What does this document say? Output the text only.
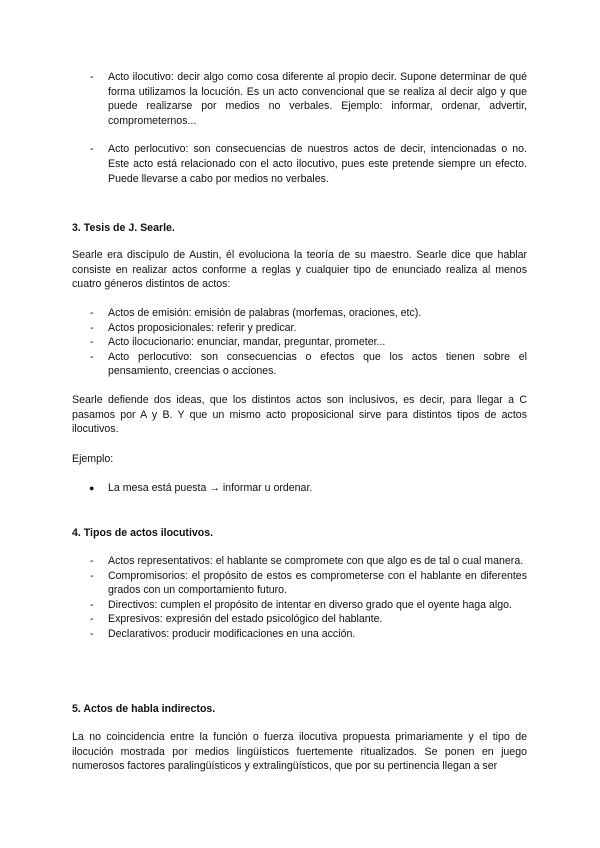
- Acto ilocutivo: decir algo como cosa diferente al propio decir. Supone determinar de qué forma utilizamos la locución. Es un acto convencional que se realiza al decir algo y que puede realizarse por medios no verbales. Ejemplo: informar, ordenar, advertir, comprometernos...
- Acto perlocutivo: son consecuencias de nuestros actos de decir, intencionadas o no. Este acto está relacionado con el acto ilocutivo, pues este pretende siempre un efecto. Puede llevarse a cabo por medios no verbales.
3. Tesis de J. Searle.

Searle era discípulo de Austin, él evoluciona la teoría de su maestro. Searle dice que hablar consiste en realizar actos conforme a reglas y cualquier tipo de enunciado realiza al menos cuatro géneros distintos de actos:

- Actos de emisión: emisión de palabras (morfemas, oraciones, etc).
- Actos proposicionales: referir y predicar.
- Acto ilocucionario: enunciar, mandar, preguntar, prometer...
- Acto perlocutivo: son consecuencias o efectos que los actos tienen sobre el pensamiento, creencias o acciones.

Searle defiende dos ideas, que los distintos actos son inclusivos, es decir, para llegar a C pasamos por A y B. Y que un mismo acto proposicional sirve para distintos tipos de actos ilocutivos.

Ejemplo:

● La mesa está puesta → informar u ordenar.
4. Tipos de actos ilocutivos.
- Actos representativos: el hablante se compromete con que algo es de tal o cual manera.
- Compromisorios: el propósito de estos es comprometerse con el hablante en diferentes grados con un comportamiento futuro.
- Directivos: cumplen el propósito de intentar en diverso grado que el oyente haga algo.
- Expresivos: expresión del estado psicológico del hablante.
- Declarativos: producir modificaciones en una acción.
5. Actos de habla indirectos.

La no coincidencia entre la función o fuerza ilocutiva propuesta primariamente y el tipo de ilocución mostrada por medios lingüísticos fuertemente ritualizados. Se ponen en juego numerosos factores paralingüísticos y extralingüísticos, que por su pertinencia llegan a ser
